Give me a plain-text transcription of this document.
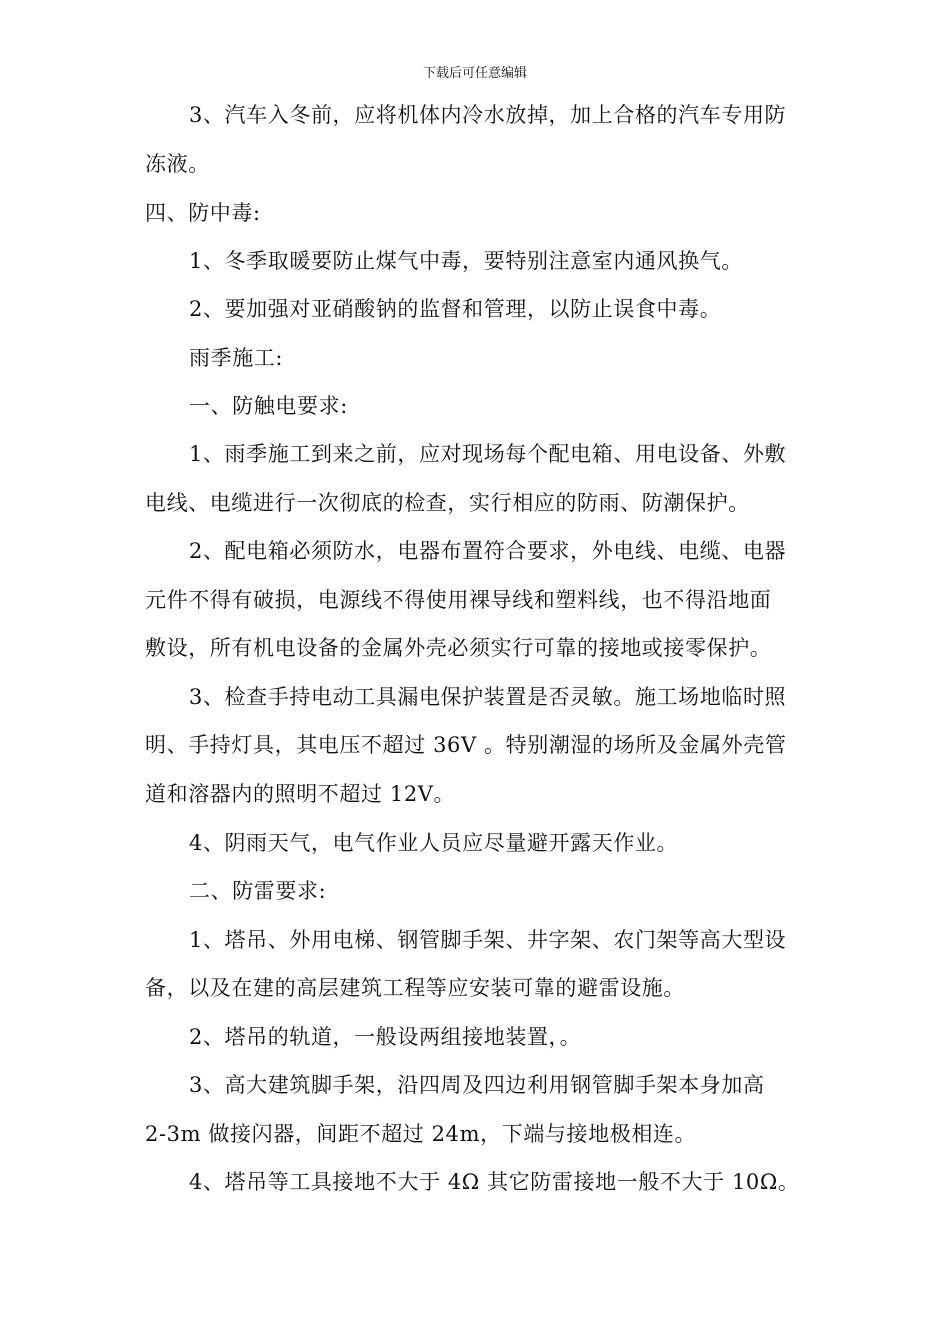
下载后可任意编辑
3、汽车入冬前，应将机体内冷水放掉，加上合格的汽车专用防
冻液。
四、防中毒:
1、冬季取暖要防止煤气中毒，要特别注意室内通风换气。
2、要加强对亚硝酸钠的监督和管理，以防止误食中毒。
雨季施工:
一、防触电要求:
1、雨季施工到来之前，应对现场每个配电箱、用电设备、外敷
电线、电缆进行一次彻底的检查，实行相应的防雨、防潮保护。
2、配电箱必须防水，电器布置符合要求，外电线、电缆、电器
元件不得有破损，电源线不得使用裸导线和塑料线，也不得沿地面
敷设，所有机电设备的金属外壳必须实行可靠的接地或接零保护。
3、检查手持电动工具漏电保护装置是否灵敏。施工场地临时照
明、手持灯具，其电压不超过 36V 。特别潮湿的场所及金属外壳管
道和溶器内的照明不超过 12V。
4、阴雨天气，电气作业人员应尽量避开露天作业。
二、防雷要求:
1、塔吊、外用电梯、钢管脚手架、井字架、农门架等高大型设
备，以及在建的高层建筑工程等应安装可靠的避雷设施。
2、塔吊的轨道，一般设两组接地装置，。
3、高大建筑脚手架，沿四周及四边利用钢管脚手架本身加高
2-3m 做接闪器，间距不超过 24m，下端与接地极相连。
4、塔吊等工具接地不大于 4Ω 其它防雷接地一般不大于 10Ω。
